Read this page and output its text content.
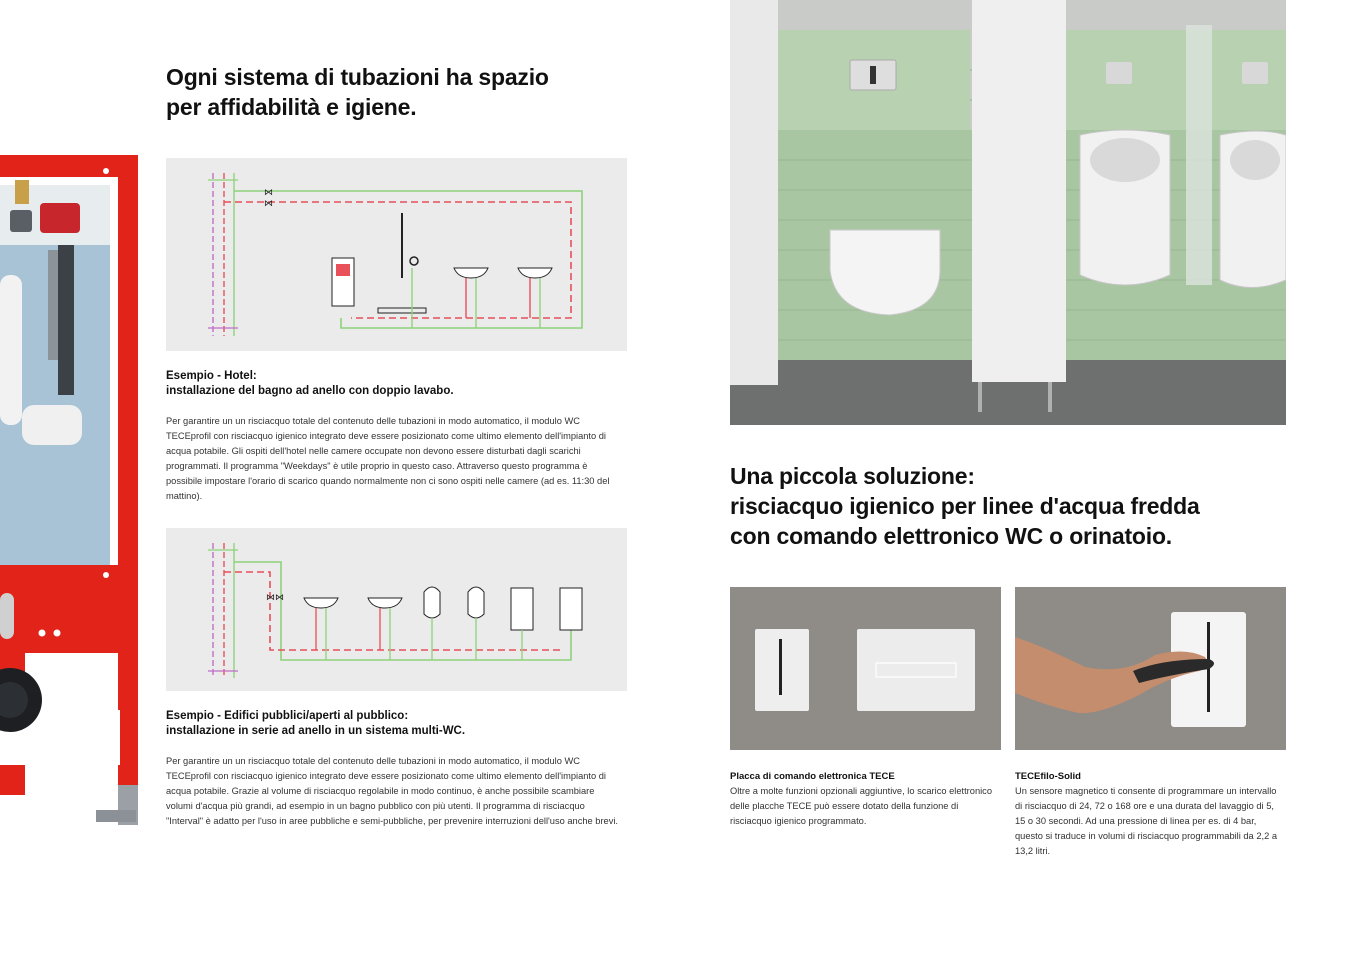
Ogni sistema di tubazioni ha spazio
per affidabilità e igiene.
⋈
⋈
Esempio - Hotel:
installazione del bagno ad anello con doppio lavabo.

Per garantire un un risciacquo totale del contenuto delle tubazioni in modo automatico, il modulo WC TECEprofil con risciacquo igienico integrato deve essere posizionato come ultimo elemento dell'impianto di acqua potabile. Gli ospiti dell'hotel nelle camere occupate non devono essere disturbati dagli scarichi programmati. Il programma "Weekdays" è utile proprio in questo caso. Attraverso questo programma è possibile impostare l'orario di scarico quando normalmente non ci sono ospiti nelle camere (ad es. 11:30 del mattino).

⋈⋈
Esempio - Edifici pubblici/aperti al pubblico:
installazione in serie ad anello in un sistema multi-WC.

Per garantire un un risciacquo totale del contenuto delle tubazioni in modo automatico, il modulo WC TECEprofil con risciacquo igienico integrato deve essere posizionato come ultimo elemento dell'impianto di acqua potabile. Grazie al volume di risciacquo regolabile in modo continuo, è anche possibile scambiare volumi d'acqua più grandi, ad esempio in un bagno pubblico con più utenti. Il programma di risciacquo "Interval" è adatto per l'uso in aree pubbliche e semi-pubbliche, per prevenire interruzioni dell'uso anche brevi.

Una piccola soluzione:
risciacquo igienico per linee d'acqua fredda
con comando elettronico WC o orinatoio.
Placca di comando elettronica TECE
Oltre a molte funzioni opzionali aggiuntive, lo scarico elettronico delle placche TECE può essere dotato della funzione di risciacquo igienico programmato.
TECEfilo-Solid
Un sensore magnetico ti consente di programmare un intervallo di risciacquo di 24, 72 o 168 ore e una durata del lavaggio di 5, 15 o 30 secondi. Ad una pressione di linea per es. di 4 bar, questo si traduce in volumi di risciacquo programmabili da 2,2 a 13,2 litri.
